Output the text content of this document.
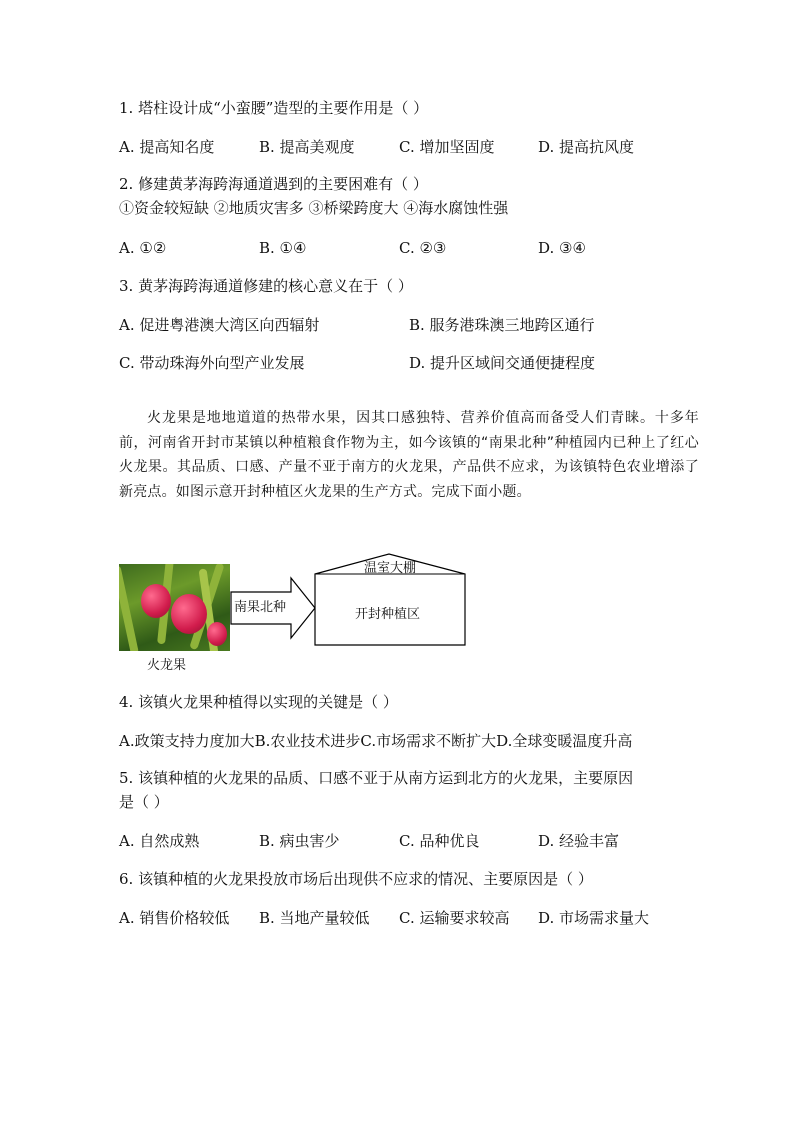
1. 塔柱设计成“小蛮腰”造型的主要作用是（ ）
A. 提高知名度	B. 提高美观度	C. 增加坚固度	D. 提高抗风度
2. 修建黄茅海跨海通道遇到的主要困难有（ ）
①资金较短缺 ②地质灾害多 ③桥梁跨度大 ④海水腐蚀性强
A. ①②	B. ①④	C. ②③	D. ③④
3. 黄茅海跨海通道修建的核心意义在于（ ）
A. 促进粤港澳大湾区向西辐射	B. 服务港珠澳三地跨区通行
C. 带动珠海外向型产业发展	D. 提升区域间交通便捷程度

火龙果是地地道道的热带水果，因其口感独特、营养价值高而备受人们青睐。十多年前，河南省开封市某镇以种植粮食作物为主，如今该镇的“南果北种”种植园内已种上了红心火龙果。其品质、口感、产量不亚于南方的火龙果，产品供不应求，为该镇特色农业增添了新亮点。如图示意开封种植区火龙果的生产方式。完成下面小题。

火龙果
南果北种
温室大棚
开封种植区
4. 该镇火龙果种植得以实现的关键是（ ）
A.政策支持力度加大B.农业技术进步C.市场需求不断扩大D.全球变暖温度升高
5. 该镇种植的火龙果的品质、口感不亚于从南方运到北方的火龙果，主要原因
是（ ）
A. 自然成熟	B. 病虫害少	C. 品种优良	D. 经验丰富
6. 该镇种植的火龙果投放市场后出现供不应求的情况、主要原因是（ ）
A. 销售价格较低 B. 当地产量较低 C. 运输要求较高 D. 市场需求量大
